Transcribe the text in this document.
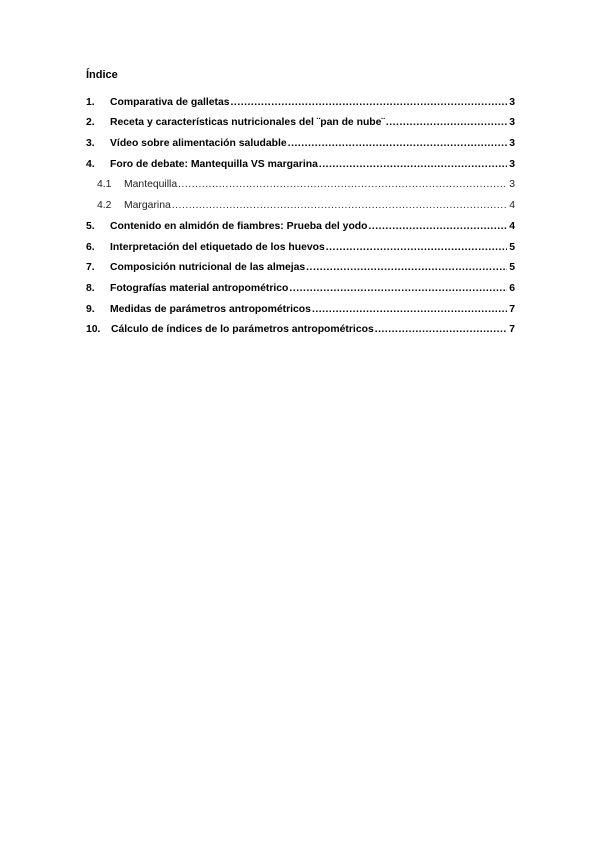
Índice
1.	Comparativa de galletas .....	3
2.	Receta y características nutricionales del ¨pan de nube¨ .....	3
3.	Vídeo sobre alimentación saludable .....	3
4.	Foro de debate: Mantequilla VS margarina .....	3
4.1	Mantequilla .....	3
4.2	Margarina .....	4
5.	Contenido en almidón de fiambres: Prueba del yodo .....	4
6.	Interpretación del etiquetado de los huevos .....	5
7.	Composición nutricional de las almejas .....	5
8.	Fotografías material antropométrico .....	6
9.	Medidas de parámetros antropométricos .....	7
10.	Cálculo de índices de lo parámetros antropométricos .....	7
